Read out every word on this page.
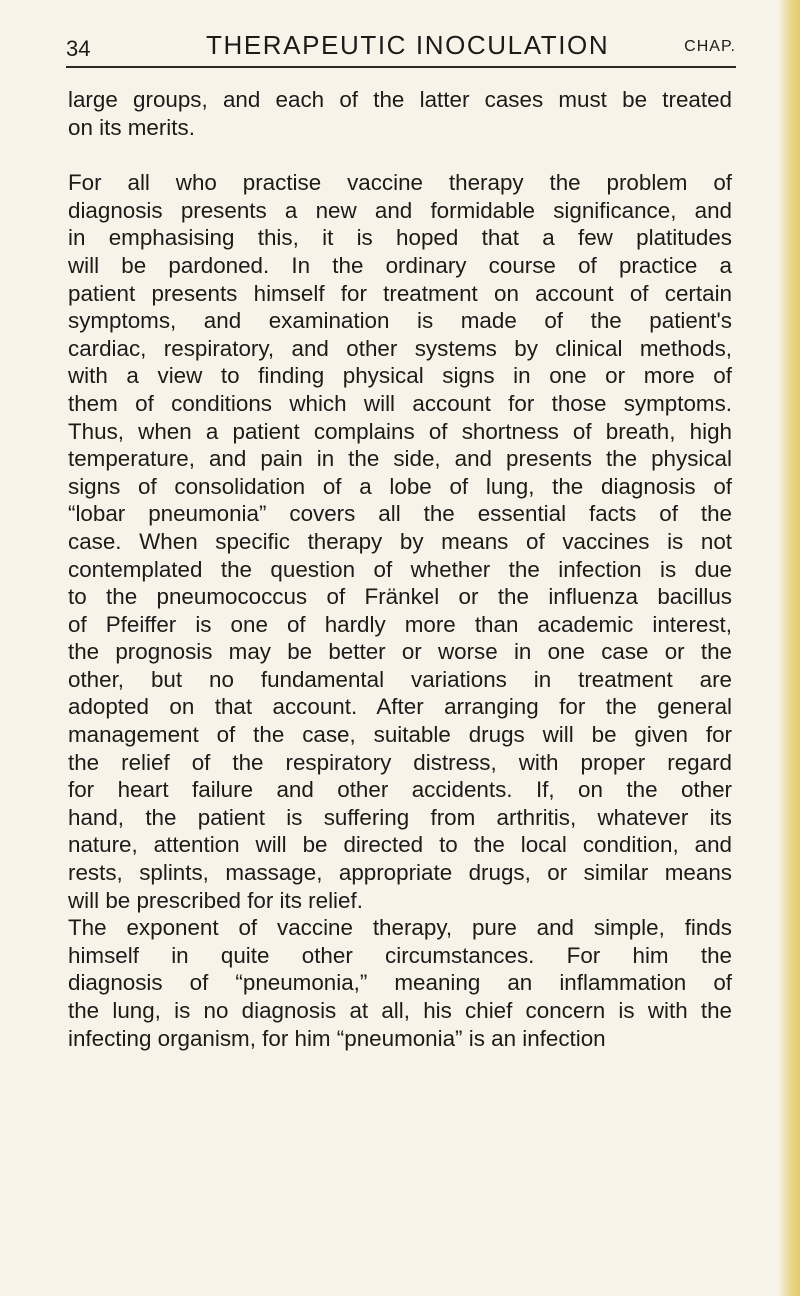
34	THERAPEUTIC INOCULATION	CHAP.

large groups, and each of the latter cases must be treated

on its merits.

For all who practise vaccine therapy the problem of

diagnosis presents a new and formidable significance, and

in emphasising this, it is hoped that a few platitudes

will be pardoned. In the ordinary course of practice a

patient presents himself for treatment on account of certain

symptoms, and examination is made of the patient's

cardiac, respiratory, and other systems by clinical methods,

with a view to finding physical signs in one or more of

them of conditions which will account for those symptoms.

Thus, when a patient complains of shortness of breath, high

temperature, and pain in the side, and presents the physical

signs of consolidation of a lobe of lung, the diagnosis of

“lobar pneumonia” covers all the essential facts of the

case. When specific therapy by means of vaccines is not

contemplated the question of whether the infection is due

to the pneumococcus of Fränkel or the influenza bacillus

of Pfeiffer is one of hardly more than academic interest,

the prognosis may be better or worse in one case or the

other, but no fundamental variations in treatment are

adopted on that account. After arranging for the general

management of the case, suitable drugs will be given for

the relief of the respiratory distress, with proper regard

for heart failure and other accidents. If, on the other

hand, the patient is suffering from arthritis, whatever its

nature, attention will be directed to the local condition, and

rests, splints, massage, appropriate drugs, or similar means

will be prescribed for its relief.

The exponent of vaccine therapy, pure and simple, finds

himself in quite other circumstances. For him the

diagnosis of “pneumonia,” meaning an inflammation of

the lung, is no diagnosis at all, his chief concern is with the

infecting organism, for him “pneumonia” is an infection
